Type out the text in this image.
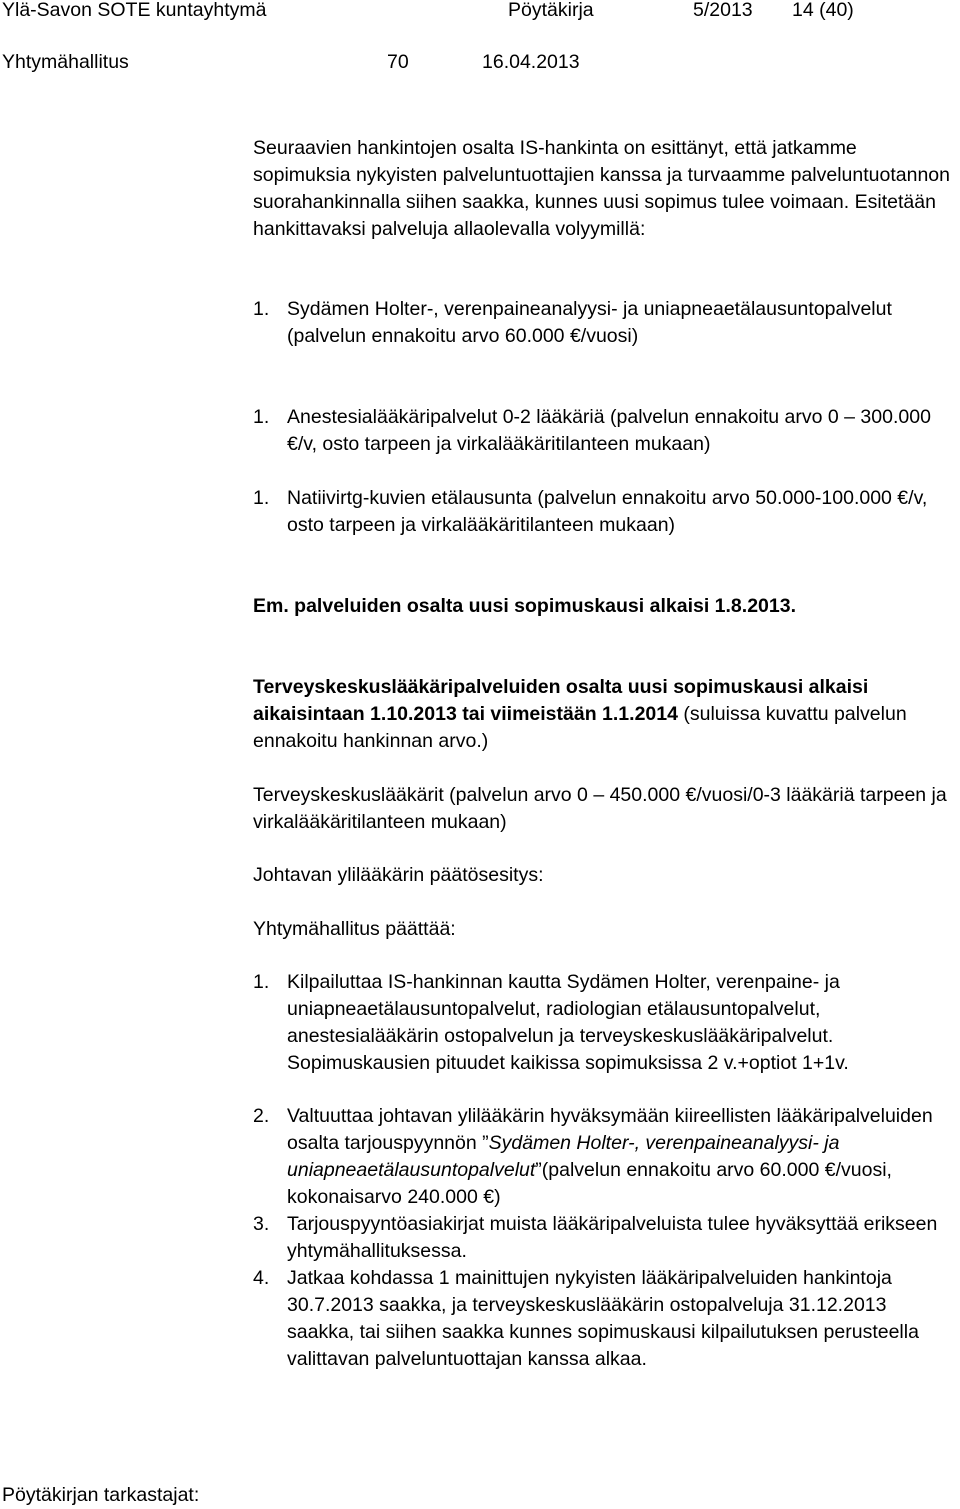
Ylä-Savon SOTE kuntayhtymä	Pöytäkirja	5/2013 14 (40)
Yhtymähallitus	70	16.04.2013

Seuraavien hankintojen osalta IS-hankinta on esittänyt, että jatkamme sopimuksia nykyisten palveluntuottajien kanssa ja turvaamme palveluntuotannon suorahankinnalla siihen saakka, kunnes uusi sopimus tulee voimaan. Esitetään hankittavaksi palveluja allaolevalla volyymillä:

1. Sydämen Holter-, verenpaineanalyysi- ja uniapneaetälausuntopalvelut (palvelun ennakoitu arvo 60.000 €/vuosi)
1. Anestesialääkäripalvelut 0-2 lääkäriä (palvelun ennakoitu arvo 0 – 300.000 €/v, osto tarpeen ja virkalääkäritilanteen mukaan)
1. Natiivirtg-kuvien etälausunta (palvelun ennakoitu arvo 50.000-100.000 €/v, osto tarpeen ja virkalääkäritilanteen mukaan)

Em. palveluiden osalta uusi sopimuskausi alkaisi 1.8.2013.

Terveyskeskuslääkäripalveluiden osalta uusi sopimuskausi alkaisi aikaisintaan 1.10.2013 tai viimeistään 1.1.2014 (suluissa kuvattu palvelun ennakoitu hankinnan arvo.)

Terveyskeskuslääkärit (palvelun arvo 0 – 450.000 €/vuosi/0-3 lääkäriä tarpeen ja virkalääkäritilanteen mukaan)

Johtavan ylilääkärin päätösesitys:

Yhtymähallitus päättää:

1. Kilpailuttaa IS-hankinnan kautta Sydämen Holter, verenpaine- ja uniapneaetälausuntopalvelut, radiologian etälausuntopalvelut, anestesialääkärin ostopalvelun ja terveyskeskuslääkäripalvelut. Sopimuskausien pituudet kaikissa sopimuksissa 2 v.+optiot 1+1v.
2. Valtuuttaa johtavan ylilääkärin hyväksymään kiireellisten lääkäripalveluiden osalta tarjouspyynnön ”Sydämen Holter-, verenpaineanalyysi- ja uniapneaetälausuntopalvelut”(palvelun ennakoitu arvo 60.000 €/vuosi, kokonaisarvo 240.000 €)
3. Tarjouspyyntöasiakirjat muista lääkäripalveluista tulee hyväksyttää erikseen yhtymähallituksessa.
4. Jatkaa kohdassa 1 mainittujen nykyisten lääkäripalveluiden hankintoja 30.7.2013 saakka, ja terveyskeskuslääkärin ostopalveluja 31.12.2013 saakka, tai siihen saakka kunnes sopimuskausi kilpailutuksen perusteella valittavan palveluntuottajan kanssa alkaa.
Pöytäkirjan tarkastajat:
